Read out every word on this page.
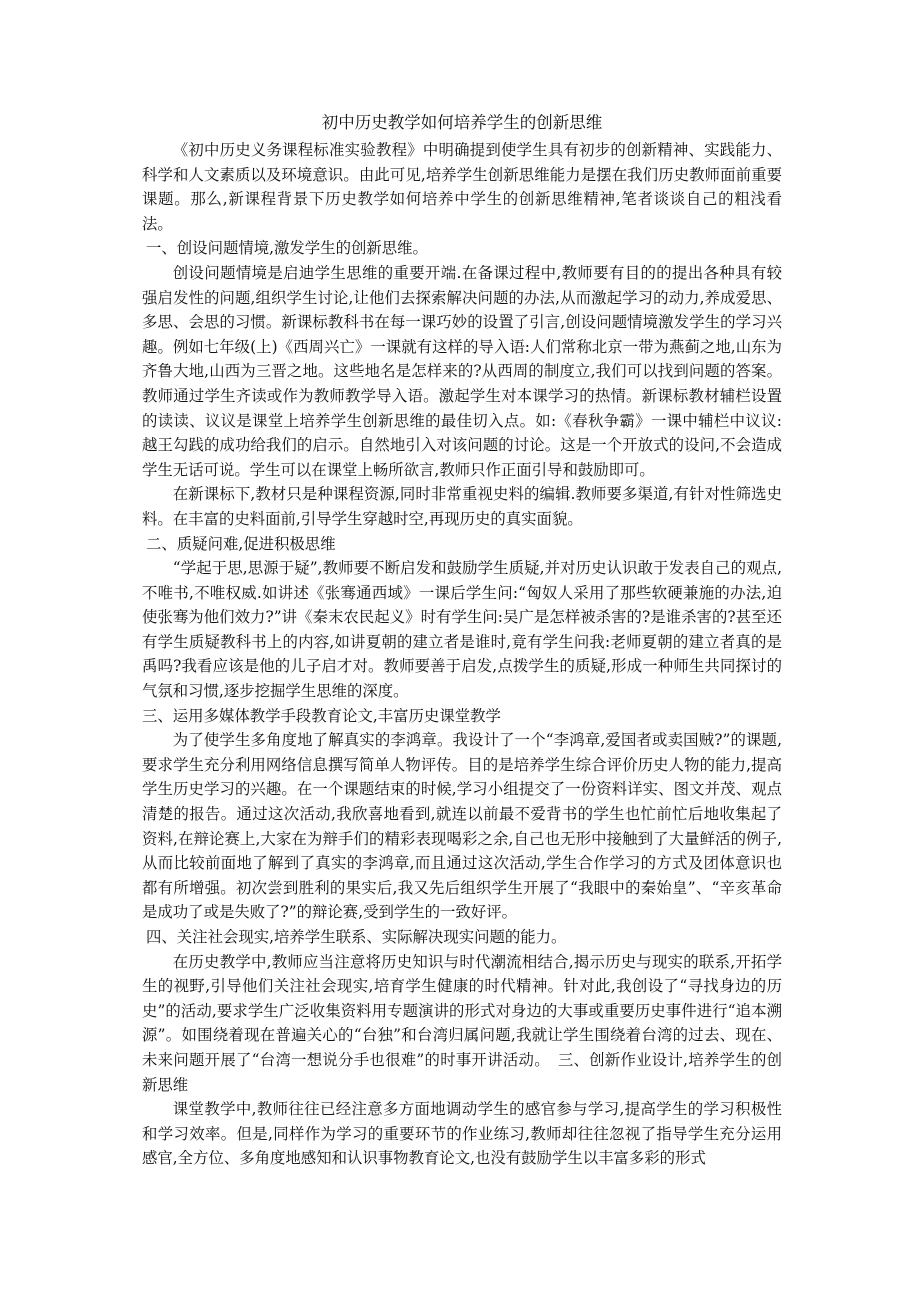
初中历史教学如何培养学生的创新思维

《初中历史义务课程标准实验教程》中明确提到使学生具有初步的创新精神、实践能力、科学和人文素质以及环境意识。由此可见,培养学生创新思维能力是摆在我们历史教师面前重要课题。那么,新课程背景下历史教学如何培养中学生的创新思维精神,笔者谈谈自己的粗浅看法。

一、创设问题情境,激发学生的创新思维。

创设问题情境是启迪学生思维的重要开端.在备课过程中,教师要有目的的提出各种具有较强启发性的问题,组织学生讨论,让他们去探索解决问题的办法,从而激起学习的动力,养成爱思、多思、会思的习惯。新课标教科书在每一课巧妙的设置了引言,创设问题情境激发学生的学习兴趣。例如七年级(上)《西周兴亡》一课就有这样的导入语:人们常称北京一带为燕蓟之地,山东为齐鲁大地,山西为三晋之地。这些地名是怎样来的?从西周的制度立,我们可以找到问题的答案。教师通过学生齐读或作为教师教学导入语。激起学生对本课学习的热情。新课标教材辅栏设置的读读、议议是课堂上培养学生创新思维的最佳切入点。如:《春秋争霸》一课中辅栏中议议:越王勾践的成功给我们的启示。自然地引入对该问题的讨论。这是一个开放式的设问,不会造成学生无话可说。学生可以在课堂上畅所欲言,教师只作正面引导和鼓励即可。

在新课标下,教材只是种课程资源,同时非常重视史料的编辑.教师要多渠道,有针对性筛选史料。在丰富的史料面前,引导学生穿越时空,再现历史的真实面貌。

二、质疑问难,促进积极思维

“学起于思,思源于疑”,教师要不断启发和鼓励学生质疑,并对历史认识敢于发表自己的观点,不唯书,不唯权威.如讲述《张骞通西域》一课后学生问:“匈奴人采用了那些软硬兼施的办法,迫使张骞为他们效力?”讲《秦末农民起义》时有学生问:吴广是怎样被杀害的?是谁杀害的?甚至还有学生质疑教科书上的内容,如讲夏朝的建立者是谁时,竟有学生问我:老师夏朝的建立者真的是禹吗?我看应该是他的儿子启才对。教师要善于启发,点拨学生的质疑,形成一种师生共同探讨的气氛和习惯,逐步挖掘学生思维的深度。

三、运用多媒体教学手段教育论文,丰富历史课堂教学

为了使学生多角度地了解真实的李鸿章。我设计了一个“李鸿章,爱国者或卖国贼?”的课题,要求学生充分利用网络信息撰写简单人物评传。目的是培养学生综合评价历史人物的能力,提高学生历史学习的兴趣。在一个课题结束的时候,学习小组提交了一份资料详实、图文并茂、观点清楚的报告。通过这次活动,我欣喜地看到,就连以前最不爱背书的学生也忙前忙后地收集起了资料,在辩论赛上,大家在为辩手们的精彩表现喝彩之余,自己也无形中接触到了大量鲜活的例子,从而比较前面地了解到了真实的李鸿章,而且通过这次活动,学生合作学习的方式及团体意识也都有所增强。初次尝到胜利的果实后,我又先后组织学生开展了“我眼中的秦始皇”、“辛亥革命是成功了或是失败了?”的辩论赛,受到学生的一致好评。

四、关注社会现实,培养学生联系、实际解决现实问题的能力。

在历史教学中,教师应当注意将历史知识与时代潮流相结合,揭示历史与现实的联系,开拓学生的视野,引导他们关注社会现实,培育学生健康的时代精神。针对此,我创设了“寻找身边的历史”的活动,要求学生广泛收集资料用专题演讲的形式对身边的大事或重要历史事件进行“追本溯源”。如围绕着现在普遍关心的“台独”和台湾归属问题,我就让学生围绕着台湾的过去、现在、未来问题开展了“台湾一想说分手也很难”的时事开讲活动。　三、创新作业设计,培养学生的创新思维

课堂教学中,教师往往已经注意多方面地调动学生的感官参与学习,提高学生的学习积极性和学习效率。但是,同样作为学习的重要环节的作业练习,教师却往往忽视了指导学生充分运用感官,全方位、多角度地感知和认识事物教育论文,也没有鼓励学生以丰富多彩的形式
